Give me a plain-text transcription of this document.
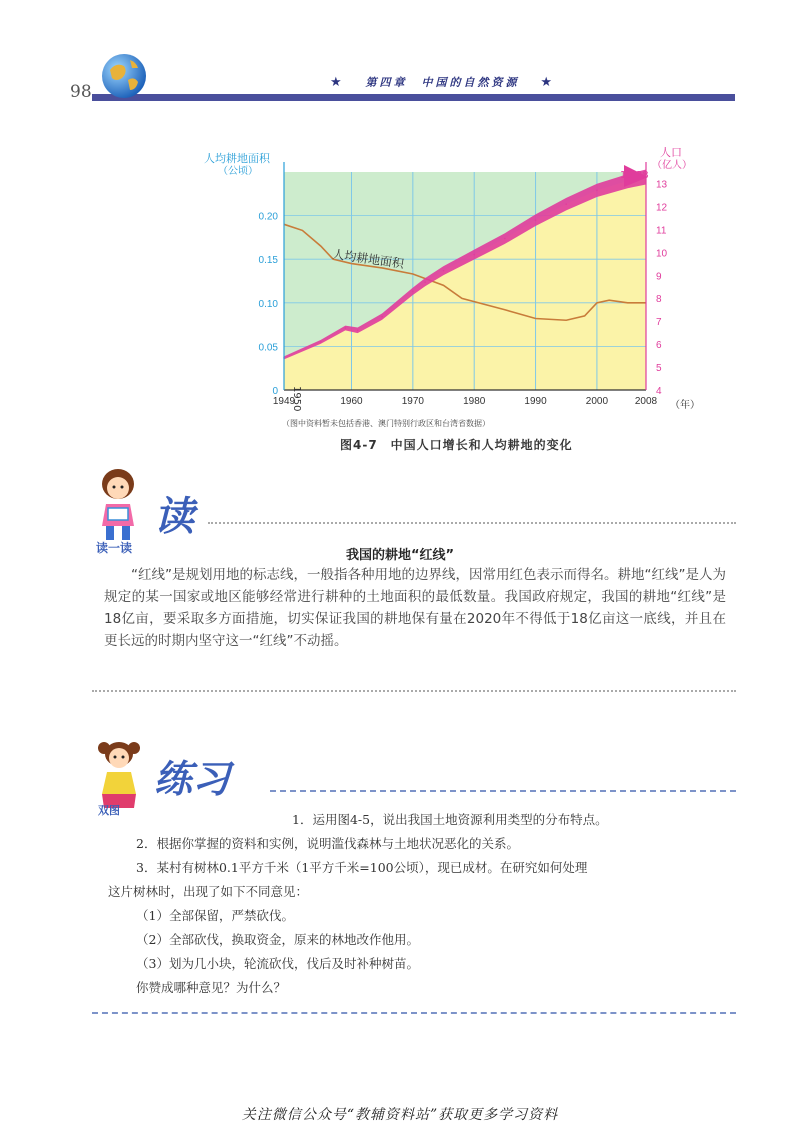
98	★ 第四章　中国的自然资源 ★
1949	1960	1970	1980	1990	2000	2008
0
0.05
0.10
0.15
0.20
4
5
6
7
8
9
10
11
12
13
人均耕地面积
（公顷）
人口
（亿人）
（年）
人均耕地面积
1950
13.28
（图中资料暂未包括香港、澳门特别行政区和台湾省数据）
图4-7　中国人口增长和人均耕地的变化
读
读一读	我国的耕地“红线”
“红线”是规划用地的标志线，一般指各种用地的边界线，因常用红色表示而得名。耕地“红线”是人为规定的某一国家或地区能够经常进行耕种的土地面积的最低数量。我国政府规定，我国的耕地“红线”是18亿亩，要采取多方面措施，切实保证我国的耕地保有量在2020年不得低于18亿亩这一底线，并且在更长远的时期内坚守这一“红线”不动摇。
练习
双图
1．运用图4-5，说出我国土地资源利用类型的分布特点。
2．根据你掌握的资料和实例，说明滥伐森林与土地状况恶化的关系。
3．某村有树林0.1平方千米（1平方千米=100公顷），现已成材。在研究如何处理
这片树林时，出现了如下不同意见：
（1）全部保留，严禁砍伐。
（2）全部砍伐，换取资金，原来的林地改作他用。
（3）划为几小块，轮流砍伐，伐后及时补种树苗。
你赞成哪种意见？为什么？
关注微信公众号“教辅资料站”获取更多学习资料
